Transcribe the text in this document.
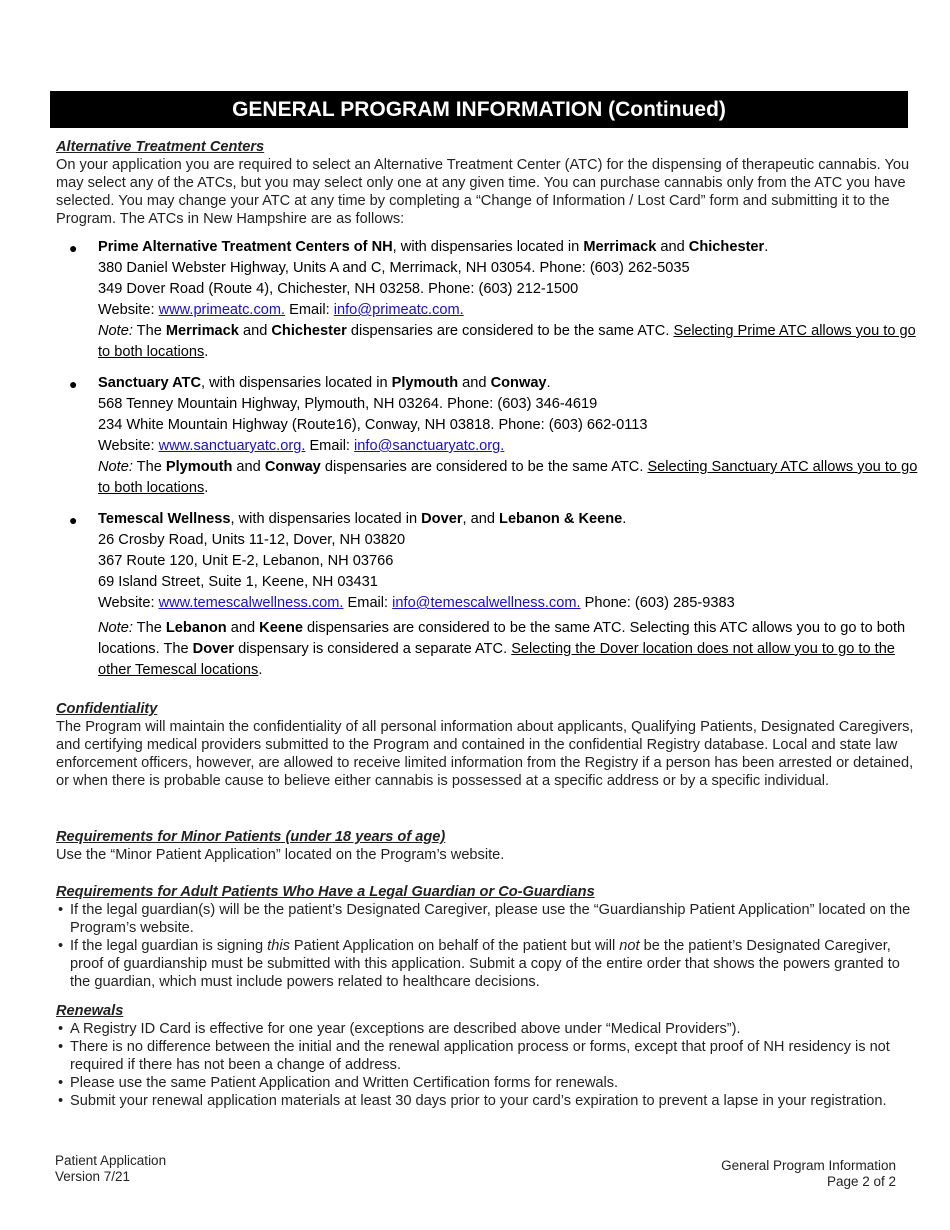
GENERAL PROGRAM INFORMATION (Continued)
Alternative Treatment Centers
On your application you are required to select an Alternative Treatment Center (ATC) for the dispensing of therapeutic cannabis. You may select any of the ATCs, but you may select only one at any given time. You can purchase cannabis only from the ATC you have selected. You may change your ATC at any time by completing a “Change of Information / Lost Card” form and submitting it to the Program. The ATCs in New Hampshire are as follows:
● Prime Alternative Treatment Centers of NH, with dispensaries located in Merrimack and Chichester.
380 Daniel Webster Highway, Units A and C, Merrimack, NH 03054. Phone: (603) 262-5035
349 Dover Road (Route 4), Chichester, NH 03258. Phone: (603) 212-1500
Website: www.primeatc.com. Email: info@primeatc.com.
Note: The Merrimack and Chichester dispensaries are considered to be the same ATC. Selecting Prime ATC allows you to go to both locations.
● Sanctuary ATC, with dispensaries located in Plymouth and Conway.
568 Tenney Mountain Highway, Plymouth, NH 03264. Phone: (603) 346-4619
234 White Mountain Highway (Route16), Conway, NH 03818. Phone: (603) 662-0113
Website: www.sanctuaryatc.org. Email: info@sanctuaryatc.org.
Note: The Plymouth and Conway dispensaries are considered to be the same ATC. Selecting Sanctuary ATC allows you to go to both locations.
● Temescal Wellness, with dispensaries located in Dover, and Lebanon & Keene.
26 Crosby Road, Units 11-12, Dover, NH 03820
367 Route 120, Unit E-2, Lebanon, NH 03766
69 Island Street, Suite 1, Keene, NH 03431
Website: www.temescalwellness.com. Email: info@temescalwellness.com. Phone: (603) 285-9383
Note: The Lebanon and Keene dispensaries are considered to be the same ATC. Selecting this ATC allows you to go to both locations. The Dover dispensary is considered a separate ATC. Selecting the Dover location does not allow you to go to the other Temescal locations.
Confidentiality
The Program will maintain the confidentiality of all personal information about applicants, Qualifying Patients, Designated Caregivers, and certifying medical providers submitted to the Program and contained in the confidential Registry database. Local and state law enforcement officers, however, are allowed to receive limited information from the Registry if a person has been arrested or detained, or when there is probable cause to believe either cannabis is possessed at a specific address or by a specific individual.
Requirements for Minor Patients (under 18 years of age)
Use the “Minor Patient Application” located on the Program’s website.
Requirements for Adult Patients Who Have a Legal Guardian or Co-Guardians
• If the legal guardian(s) will be the patient’s Designated Caregiver, please use the “Guardianship Patient Application” located on the Program’s website.
• If the legal guardian is signing this Patient Application on behalf of the patient but will not be the patient’s Designated Caregiver, proof of guardianship must be submitted with this application. Submit a copy of the entire order that shows the powers granted to the guardian, which must include powers related to healthcare decisions.
Renewals
• A Registry ID Card is effective for one year (exceptions are described above under “Medical Providers”).
• There is no difference between the initial and the renewal application process or forms, except that proof of NH residency is not required if there has not been a change of address.
• Please use the same Patient Application and Written Certification forms for renewals.
• Submit your renewal application materials at least 30 days prior to your card’s expiration to prevent a lapse in your registration.
Patient Application
Version 7/21
General Program Information
Page 2 of 2
